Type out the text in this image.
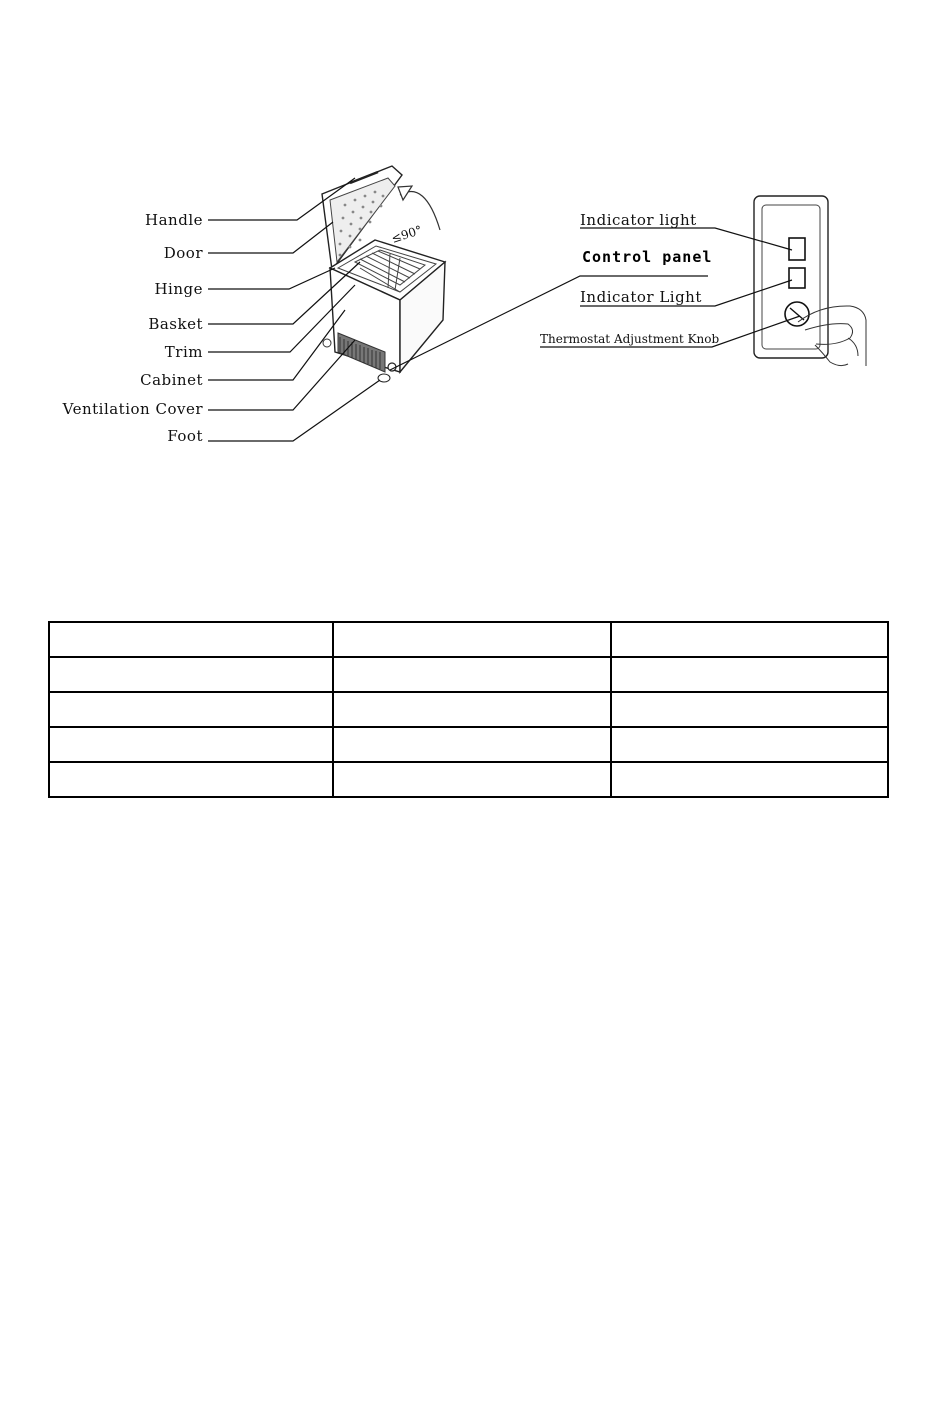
≤90°
Handle
Door
Hinge
Basket
Trim
Cabinet
Ventilation Cover
Foot
Indicator light
Control panel
Indicator Light
Thermostat Adjustment Knob
